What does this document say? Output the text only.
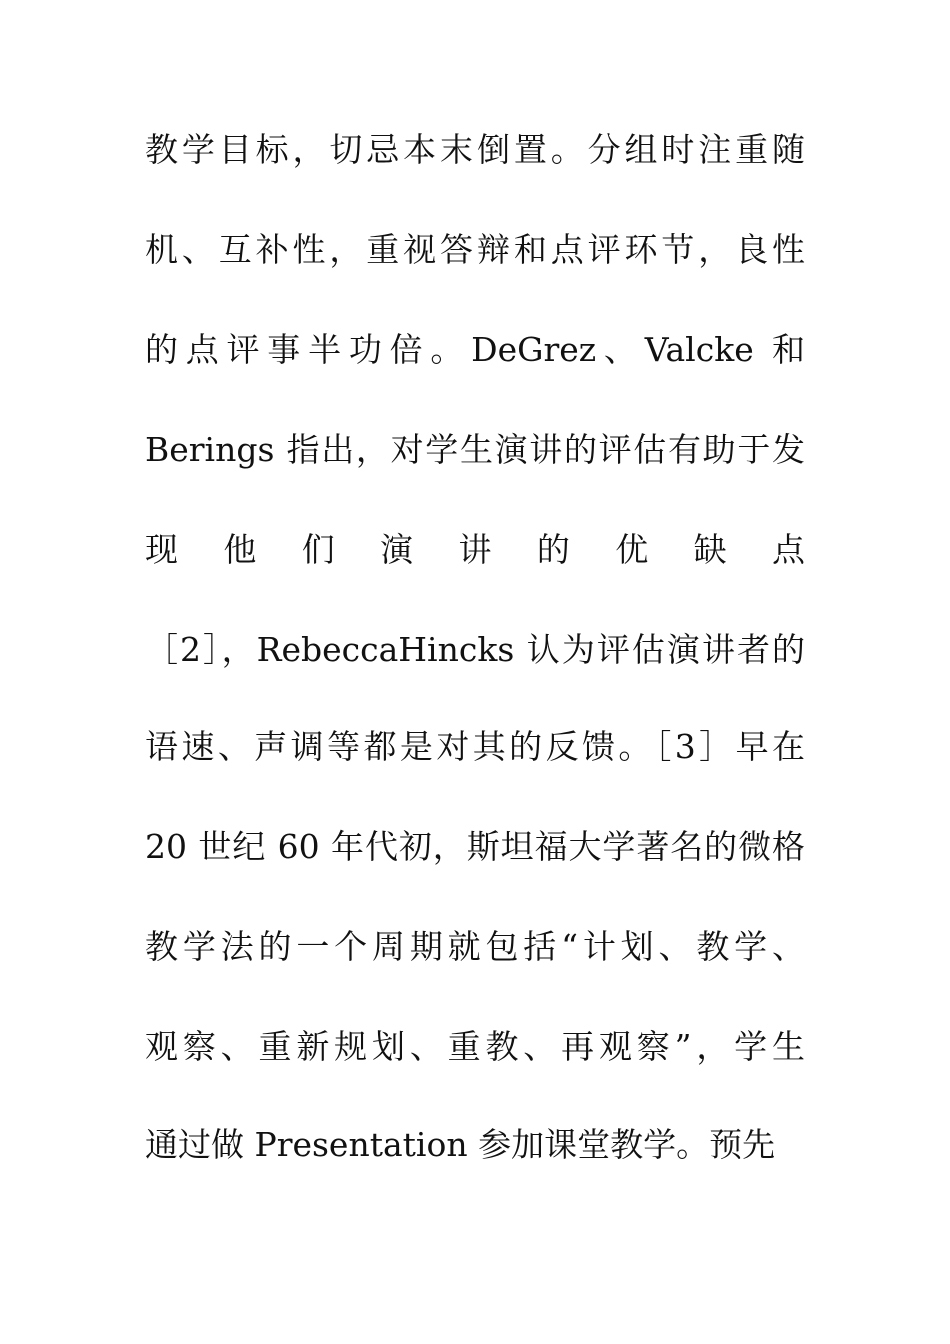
教学目标，切忌本末倒置。分组时注重随
机、互补性，重视答辩和点评环节，良性
的点评事半功倍。DeGrez、Valcke 和
Berings 指出，对学生演讲的评估有助于发
现 他 们 演 讲 的 优 缺 点
［2］，RebeccaHincks 认为评估演讲者的
语速、声调等都是对其的反馈。［3］早在
20 世纪 60 年代初，斯坦福大学著名的微格
教学法的一个周期就包括“计划、教学、
观察、重新规划、重教、再观察”，学生
通过做 Presentation 参加课堂教学。预先
